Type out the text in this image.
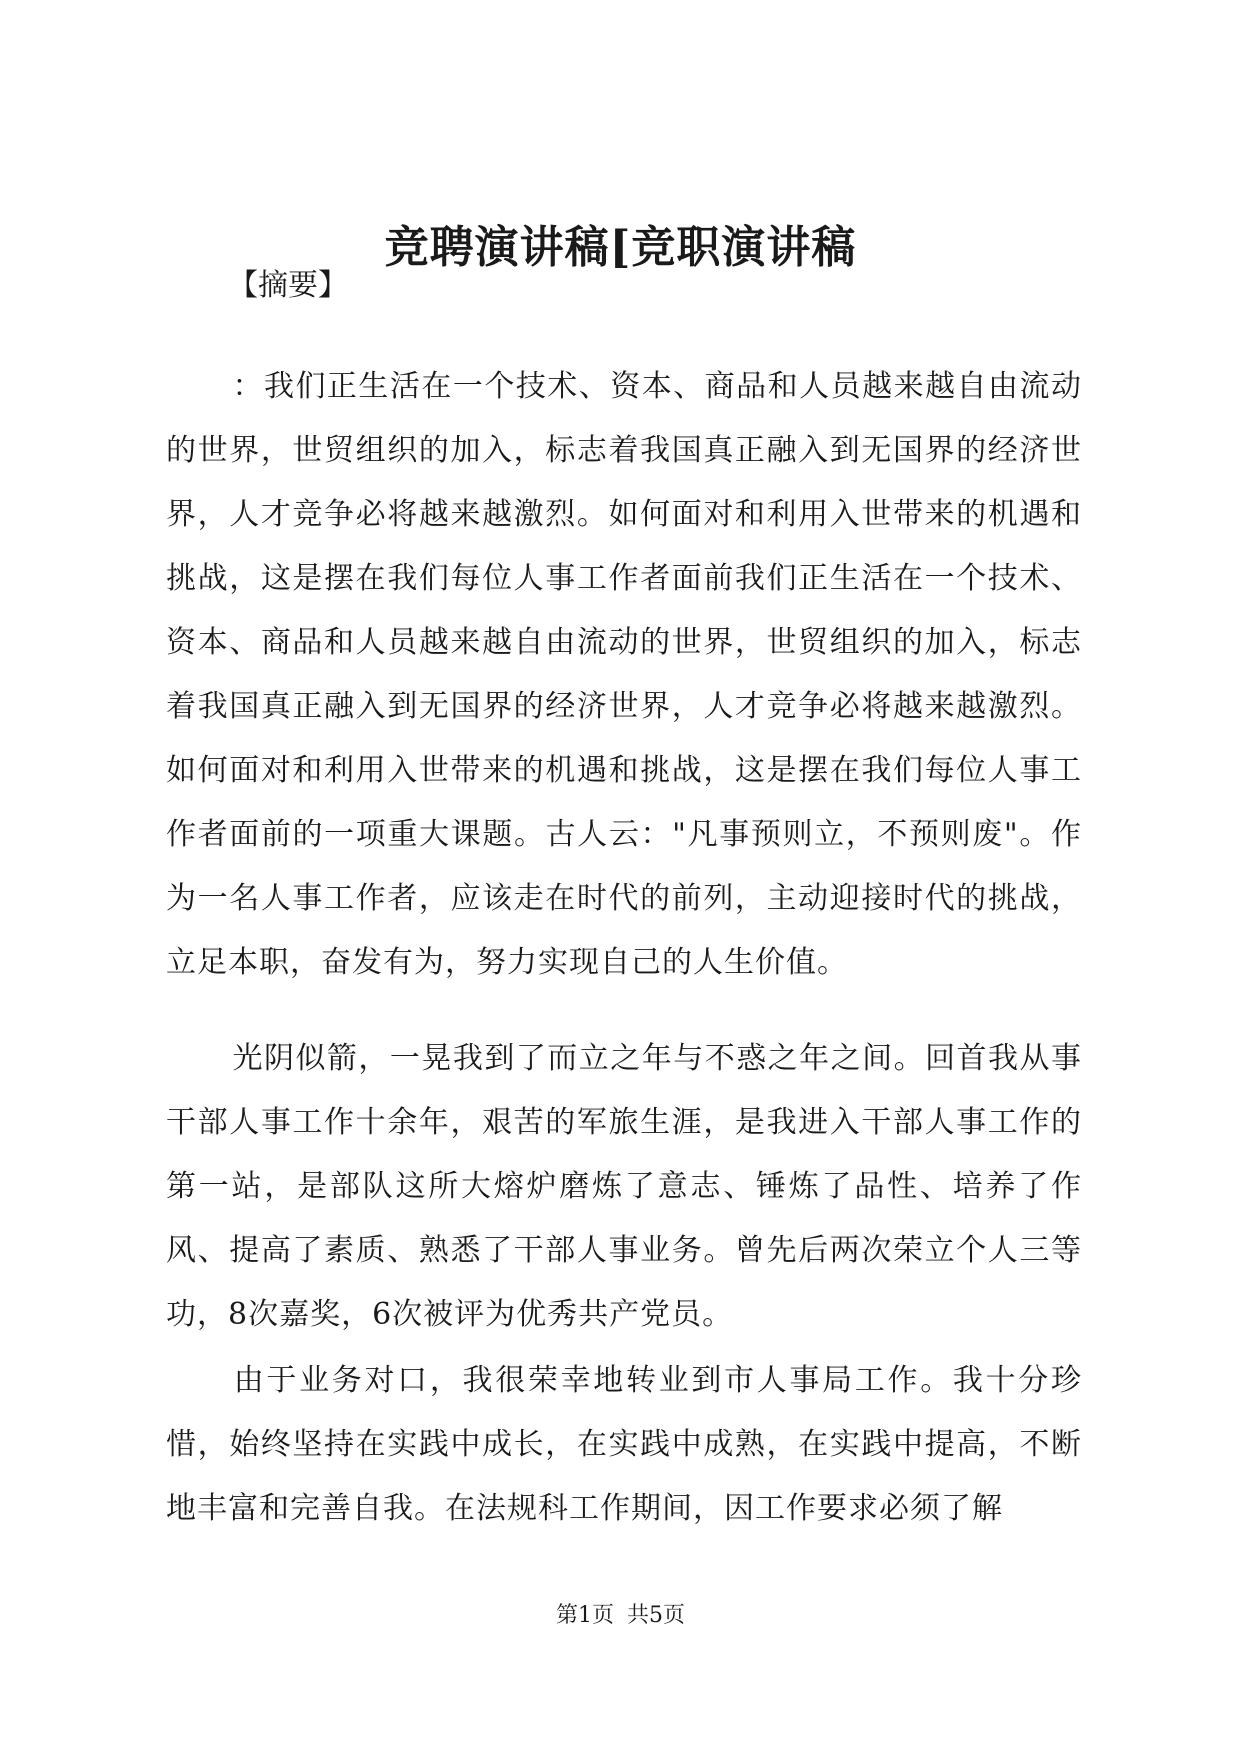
竞聘演讲稿[竞职演讲稿
【摘要】

：我们正生活在一个技术、资本、商品和人员越来越自由流动的世界，世贸组织的加入，标志着我国真正融入到无国界的经济世界，人才竞争必将越来越激烈。如何面对和利用入世带来的机遇和挑战，这是摆在我们每位人事工作者面前我们正生活在一个技术、资本、商品和人员越来越自由流动的世界，世贸组织的加入，标志着我国真正融入到无国界的经济世界，人才竞争必将越来越激烈。如何面对和利用入世带来的机遇和挑战，这是摆在我们每位人事工作者面前的一项重大课题。古人云："凡事预则立，不预则废"。作为一名人事工作者，应该走在时代的前列，主动迎接时代的挑战，立足本职，奋发有为，努力实现自己的人生价值。

光阴似箭，一晃我到了而立之年与不惑之年之间。回首我从事干部人事工作十余年，艰苦的军旅生涯，是我进入干部人事工作的第一站，是部队这所大熔炉磨炼了意志、锤炼了品性、培养了作风、提高了素质、熟悉了干部人事业务。曾先后两次荣立个人三等功，8次嘉奖，6次被评为优秀共产党员。

由于业务对口，我很荣幸地转业到市人事局工作。我十分珍惜，始终坚持在实践中成长，在实践中成熟，在实践中提高，不断地丰富和完善自我。在法规科工作期间，因工作要求必须了解

第1页 共5页
